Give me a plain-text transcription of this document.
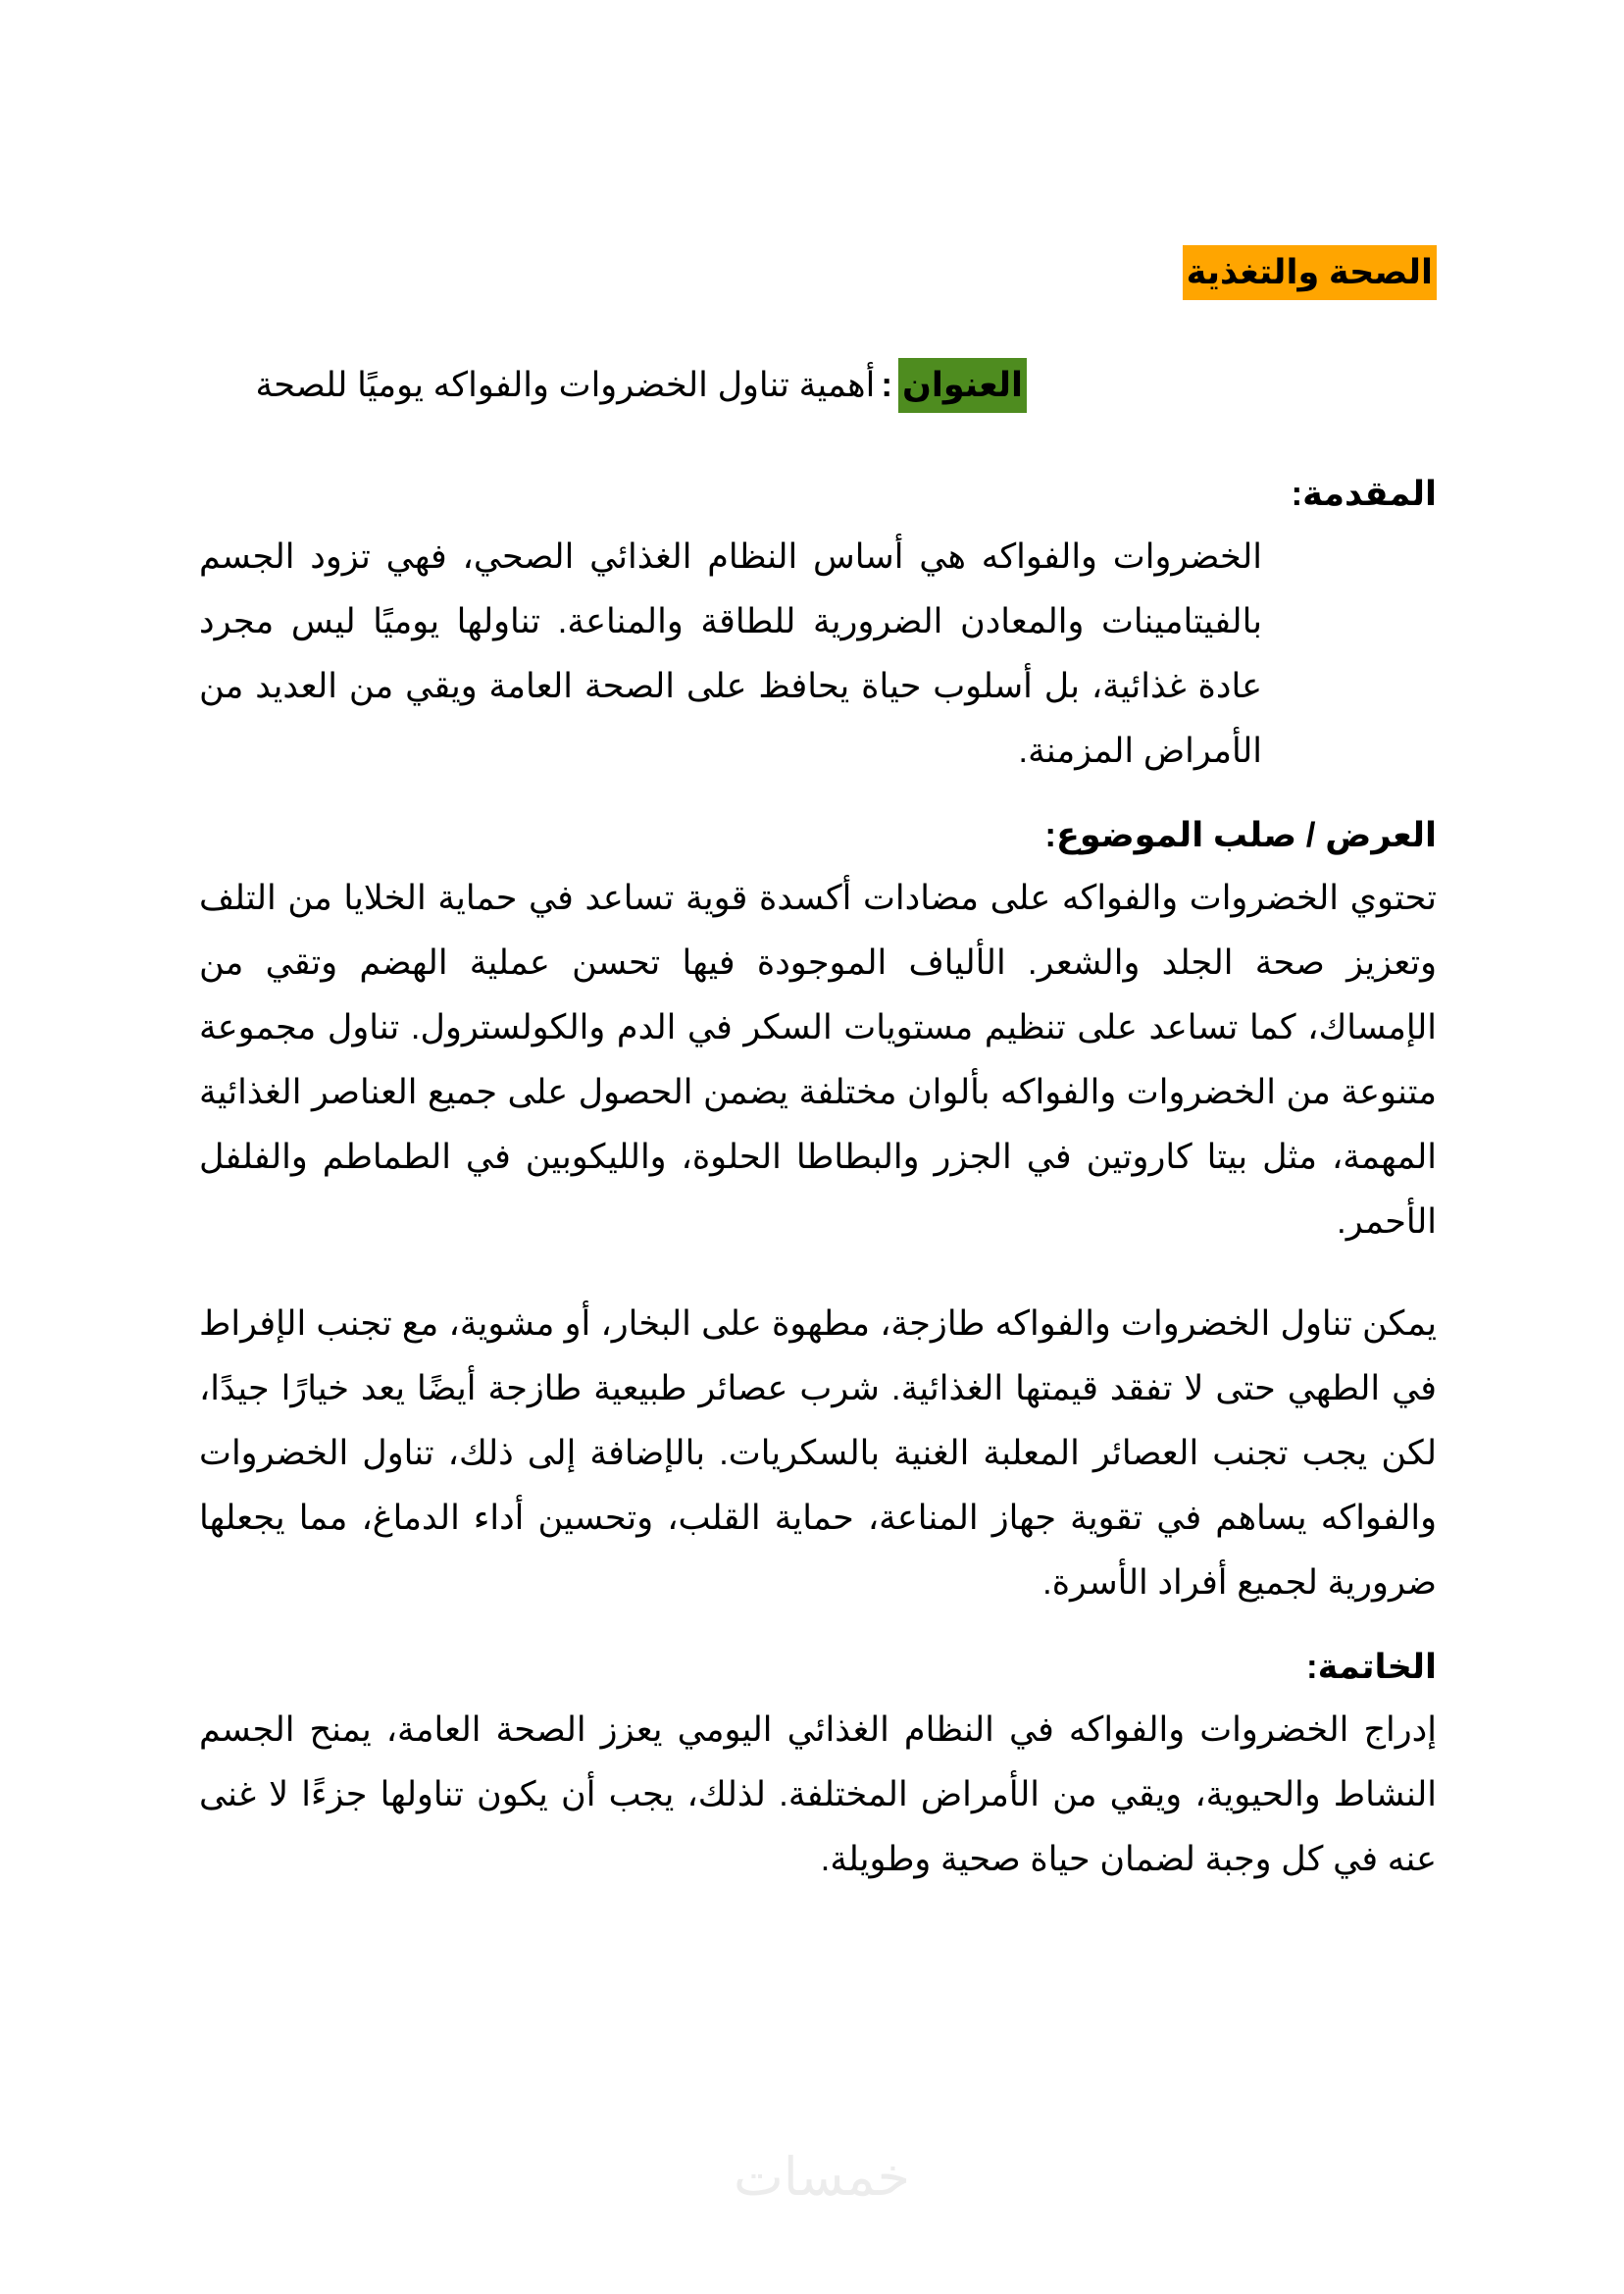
الصحة والتغذية
العنوان:أهمية تناول الخضروات والفواكه يوميًا للصحة
المقدمة:

الخضروات والفواكه هي أساس النظام الغذائي الصحي، فهي تزود الجسم بالفيتامينات والمعادن الضرورية للطاقة والمناعة. تناولها يوميًا ليس مجرد عادة غذائية، بل أسلوب حياة يحافظ على الصحة العامة ويقي من العديد من الأمراض المزمنة.

العرض / صلب الموضوع:

تحتوي الخضروات والفواكه على مضادات أكسدة قوية تساعد في حماية الخلايا من التلف وتعزيز صحة الجلد والشعر. الألياف الموجودة فيها تحسن عملية الهضم وتقي من الإمساك، كما تساعد على تنظيم مستويات السكر في الدم والكولسترول. تناول مجموعة متنوعة من الخضروات والفواكه بألوان مختلفة يضمن الحصول على جميع العناصر الغذائية المهمة، مثل بيتا كاروتين في الجزر والبطاطا الحلوة، والليكوبين في الطماطم والفلفل الأحمر.

يمكن تناول الخضروات والفواكه طازجة، مطهوة على البخار، أو مشوية، مع تجنب الإفراط في الطهي حتى لا تفقد قيمتها الغذائية. شرب عصائر طبيعية طازجة أيضًا يعد خيارًا جيدًا، لكن يجب تجنب العصائر المعلبة الغنية بالسكريات. بالإضافة إلى ذلك، تناول الخضروات والفواكه يساهم في تقوية جهاز المناعة، حماية القلب، وتحسين أداء الدماغ، مما يجعلها ضرورية لجميع أفراد الأسرة.

الخاتمة:

إدراج الخضروات والفواكه في النظام الغذائي اليومي يعزز الصحة العامة، يمنح الجسم النشاط والحيوية، ويقي من الأمراض المختلفة. لذلك، يجب أن يكون تناولها جزءًا لا غنى عنه في كل وجبة لضمان حياة صحية وطويلة.

خمسات
